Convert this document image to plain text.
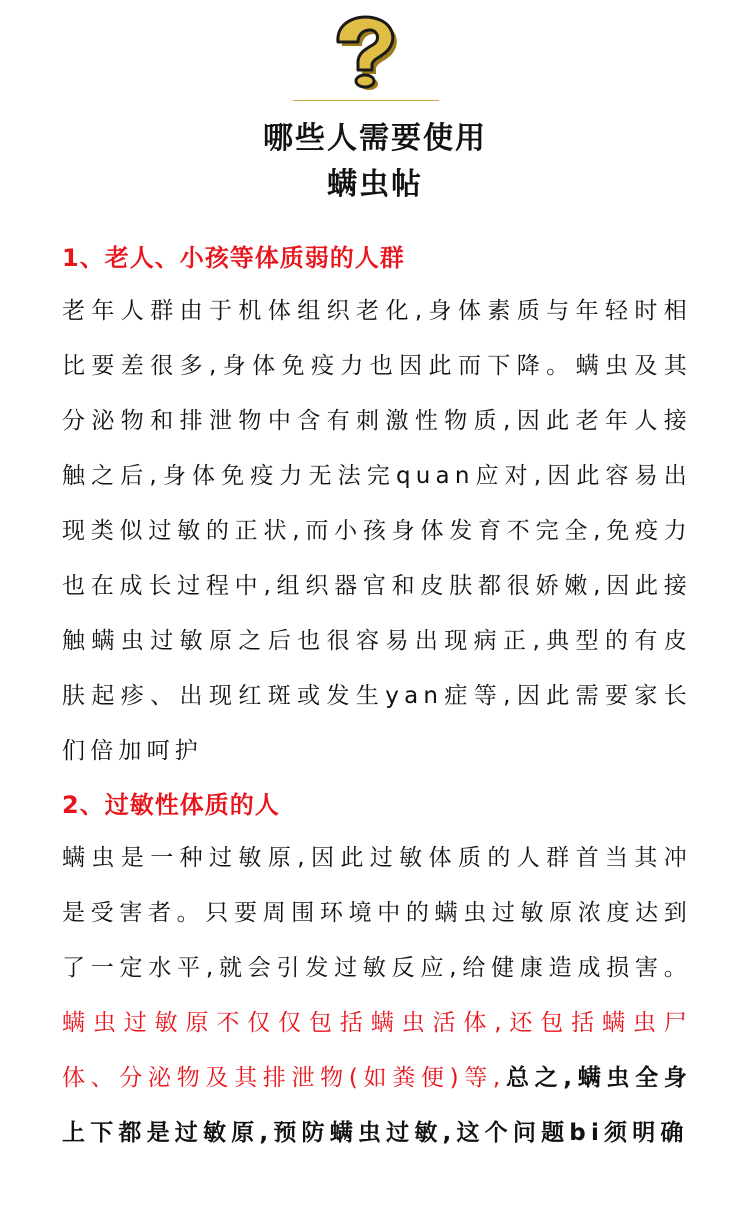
哪些人需要使用
螨虫帖
1、老人、小孩等体质弱的人群
老年人群由于机体组织老化,身体素质与年轻时相比要差很多,身体免疫力也因此而下降。螨虫及其分泌物和排泄物中含有刺激性物质,因此老年人接触之后,身体免疫力无法完quan应对,因此容易出现类似过敏的正状,而小孩身体发育不完全,免疫力也在成长过程中,组织器官和皮肤都很娇嫩,因此接触螨虫过敏原之后也很容易出现病正,典型的有皮肤起疹、出现红斑或发生yan症等,因此需要家长们倍加呵护
2、过敏性体质的人
螨虫是一种过敏原,因此过敏体质的人群首当其冲是受害者。只要周围环境中的螨虫过敏原浓度达到了一定水平,就会引发过敏反应,给健康造成损害。螨虫过敏原不仅仅包括螨虫活体,还包括螨虫尸体、分泌物及其排泄物(如粪便)等,总之,螨虫全身上下都是过敏原,预防螨虫过敏,这个问题bi须明确
